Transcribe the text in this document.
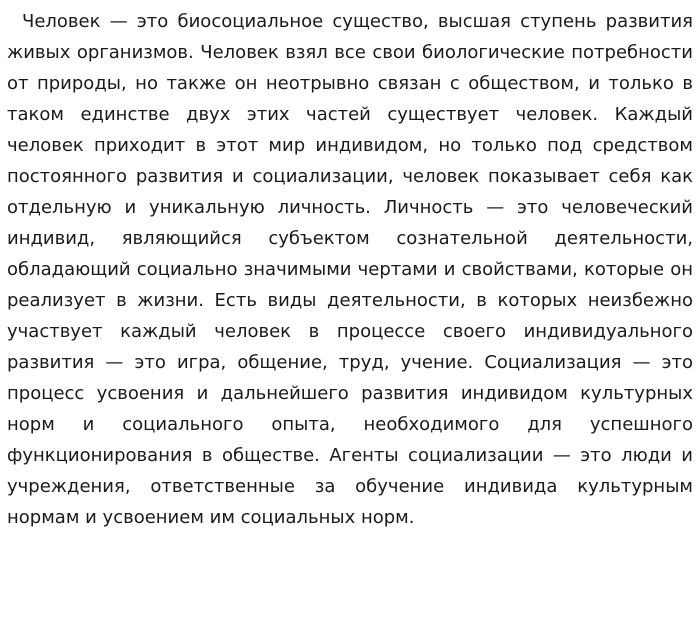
Человек — это биосоциальное существо, высшая ступень развития живых организмов. Человек взял все свои биологические потребности от природы, но также он неотрывно связан с обществом, и только в таком единстве двух этих частей существует человек. Каждый человек приходит в этот мир индивидом, но только под средством постоянного развития и социализации, человек показывает себя как отдельную и уникальную личность. Личность — это человеческий индивид, являющийся субъектом сознательной деятельности, обладающий социально значимыми чертами и свойствами, которые он реализует в жизни. Есть виды деятельности, в которых неизбежно участвует каждый человек в процессе своего индивидуального развития — это игра, общение, труд, учение. Социализация — это процесс усвоения и дальнейшего развития индивидом культурных норм и социального опыта, необходимого для успешного функционирования в обществе. Агенты социализации — это люди и учреждения, ответственные за обучение индивида культурным нормам и усвоением им социальных норм.
